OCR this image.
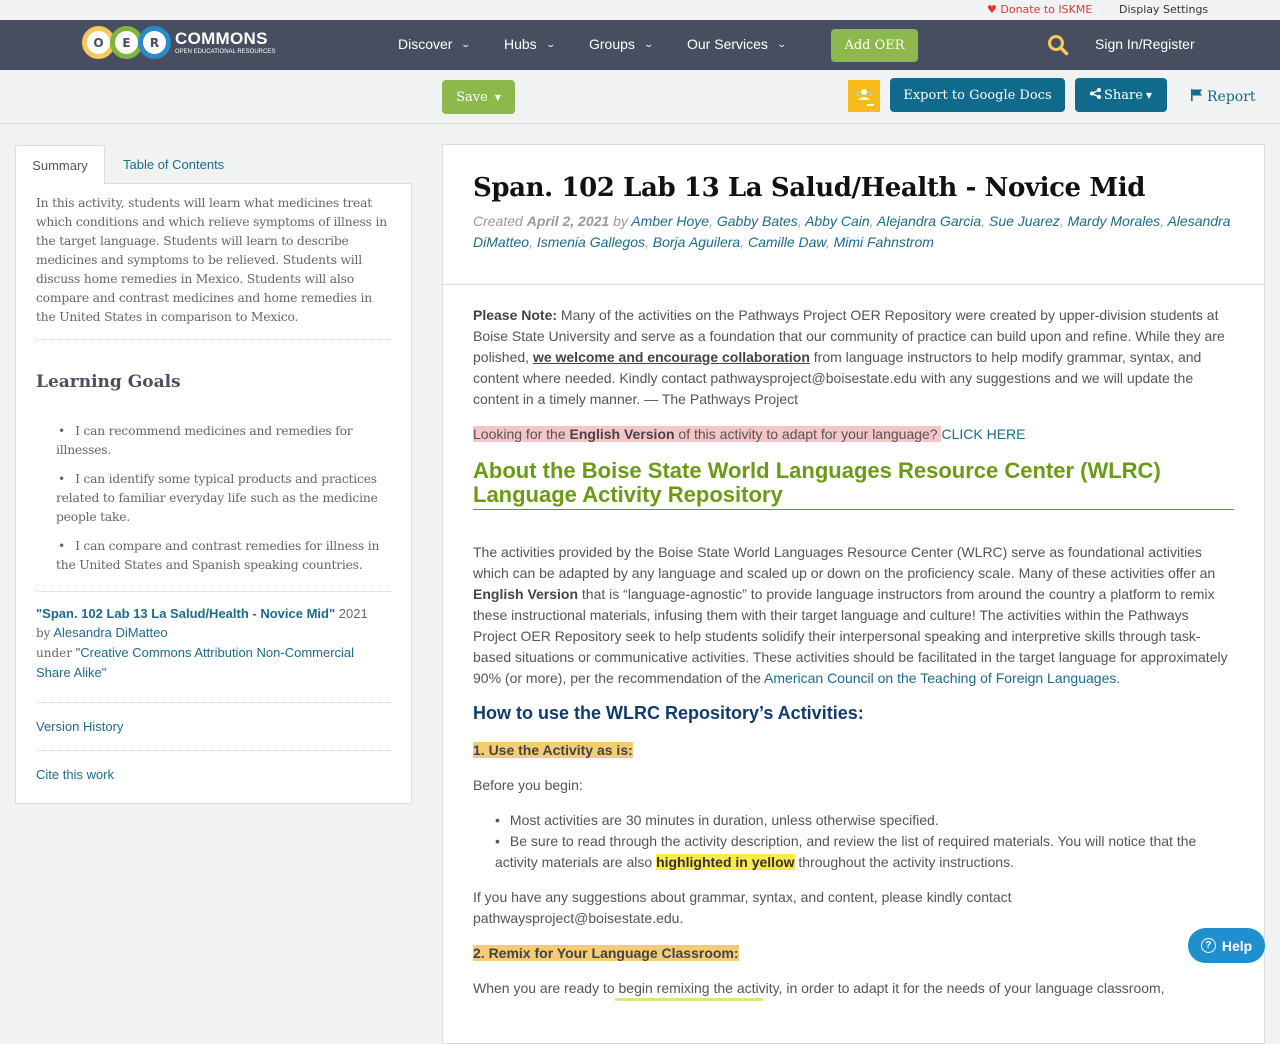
♥ Donate to ISKME Display Settings
O	E	R COMMONS
OPEN EDUCATIONAL RESOURCES	Discover ⌄ Hubs ⌄ Groups ⌄ Our Services ⌄	Add OER	Sign In/Register
Save ▼	Export to Google Docs	Share ▼	Report
Summary	Table of Contents

In this activity, students will learn what medicines treat which conditions and which relieve symptoms of illness in the target language. Students will learn to describe medicines and symptoms to be relieved. Students will discuss home remedies in Mexico. Students will also compare and contrast medicines and home remedies in the United States in comparison to Mexico.

Learning Goals
• I can recommend medicines and remedies for illnesses.
• I can identify some typical products and practices related to familiar everyday life such as the medicine people take.
• I can compare and contrast remedies for illness in the United States and Spanish speaking countries.
"Span. 102 Lab 13 La Salud/Health - Novice Mid" 2021
by Alesandra DiMatteo
under "Creative Commons Attribution Non-Commercial Share Alike"
Version History
Cite this work
Span. 102 Lab 13 La Salud/Health - Novice Mid
Created April 2, 2021 by Amber Hoye, Gabby Bates, Abby Cain, Alejandra Garcia, Sue Juarez, Mardy Morales, Alesandra DiMatteo, Ismenia Gallegos, Borja Aguilera, Camille Daw, Mimi Fahnstrom

Please Note: Many of the activities on the Pathways Project OER Repository were created by upper-division students at Boise State University and serve as a foundation that our community of practice can build upon and refine. While they are polished, we welcome and encourage collaboration from language instructors to help modify grammar, syntax, and content where needed. Kindly contact pathwaysproject@boisestate.edu with any suggestions and we will update the content in a timely manner. — The Pathways Project

Looking for the English Version of this activity to adapt for your language? CLICK HERE

About the Boise State World Languages Resource Center (WLRC) Language Activity Repository

The activities provided by the Boise State World Languages Resource Center (WLRC) serve as foundational activities which can be adapted by any language and scaled up or down on the proficiency scale. Many of these activities offer an English Version that is “language-agnostic” to provide language instructors from around the country a platform to remix these instructional materials, infusing them with their target language and culture! The activities within the Pathways Project OER Repository seek to help students solidify their interpersonal speaking and interpretive skills through task-based situations or communicative activities. These activities should be facilitated in the target language for approximately 90% (or more), per the recommendation of the American Council on the Teaching of Foreign Languages.

How to use the WLRC Repository’s Activities:

1. Use the Activity as is:

Before you begin:

• Most activities are 30 minutes in duration, unless otherwise specified.
• Be sure to read through the activity description, and review the list of required materials. You will notice that the activity materials are also highlighted in yellow throughout the activity instructions.

If you have any suggestions about grammar, syntax, and content, please kindly contact pathwaysproject@boisestate.edu.

2. Remix for Your Language Classroom:

When you are ready to begin remixing the activity, in order to adapt it for the needs of your language classroom,

? Help
